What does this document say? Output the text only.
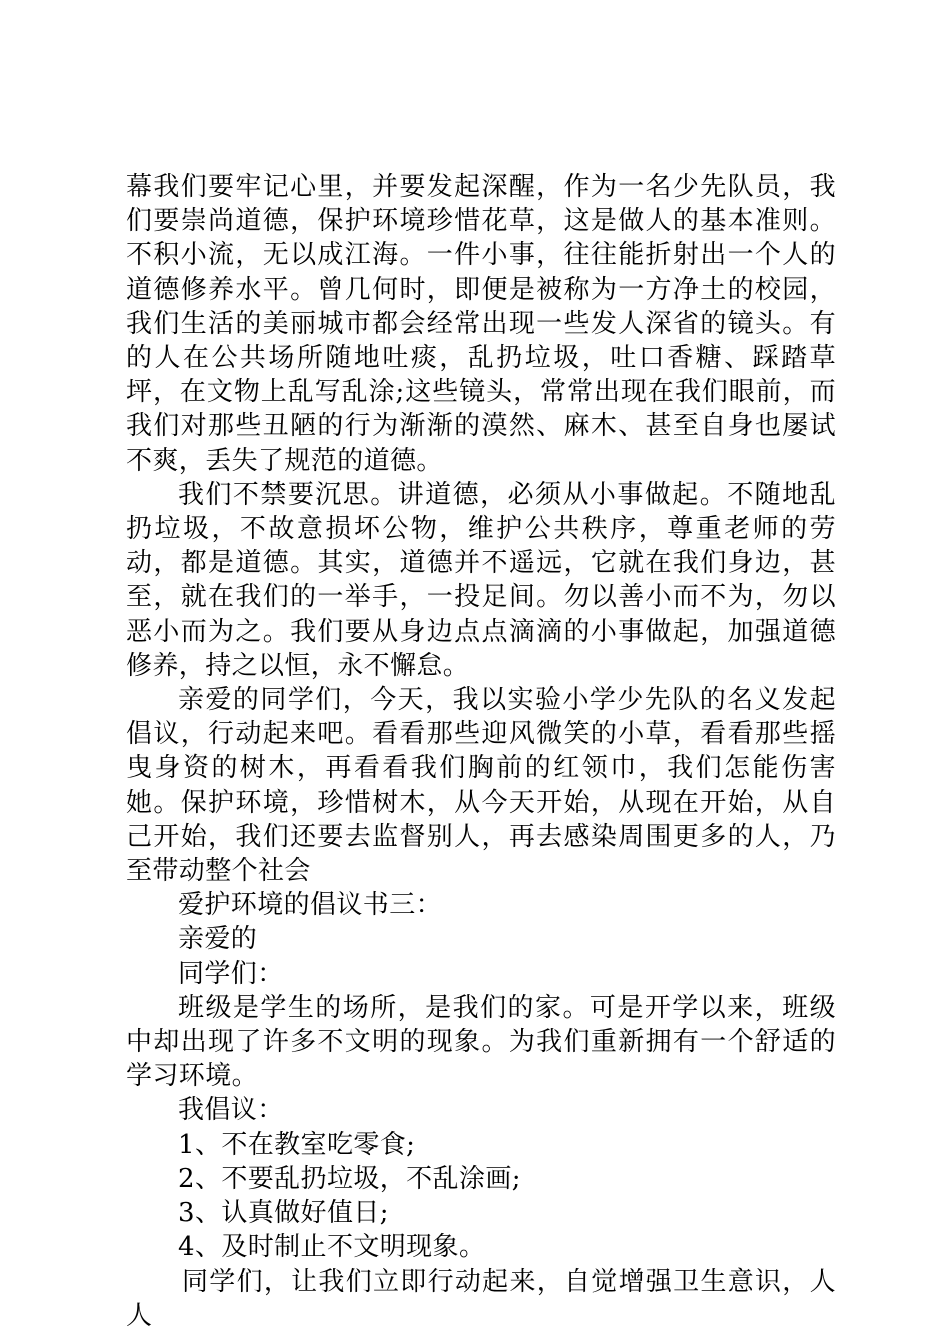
幕我们要牢记心里，并要发起深醒，作为一名少先队员，我们要崇尚道德，保护环境珍惜花草，这是做人的基本准则。不积小流，无以成江海。一件小事，往往能折射出一个人的道德修养水平。曾几何时，即便是被称为一方净土的校园，我们生活的美丽城市都会经常出现一些发人深省的镜头。有的人在公共场所随地吐痰，乱扔垃圾，吐口香糖、踩踏草坪，在文物上乱写乱涂;这些镜头，常常出现在我们眼前，而我们对那些丑陋的行为渐渐的漠然、麻木、甚至自身也屡试不爽，丢失了规范的道德。

我们不禁要沉思。讲道德，必须从小事做起。不随地乱扔垃圾，不故意损坏公物，维护公共秩序，尊重老师的劳动，都是道德。其实，道德并不遥远，它就在我们身边，甚至，就在我们的一举手，一投足间。勿以善小而不为，勿以恶小而为之。我们要从身边点点滴滴的小事做起，加强道德修养，持之以恒，永不懈怠。

亲爱的同学们，今天，我以实验小学少先队的名义发起倡议，行动起来吧。看看那些迎风微笑的小草，看看那些摇曳身资的树木，再看看我们胸前的红领巾，我们怎能伤害她。保护环境，珍惜树木，从今天开始，从现在开始，从自己开始，我们还要去监督别人，再去感染周围更多的人，乃至带动整个社会

爱护环境的倡议书三：

亲爱的

同学们：

班级是学生的场所，是我们的家。可是开学以来，班级中却出现了许多不文明的现象。为我们重新拥有一个舒适的学习环境。

我倡议：

1、不在教室吃零食;

2、不要乱扔垃圾，不乱涂画;

3、认真做好值日;

4、及时制止不文明现象。

同学们，让我们立即行动起来，自觉增强卫生意识，人人
